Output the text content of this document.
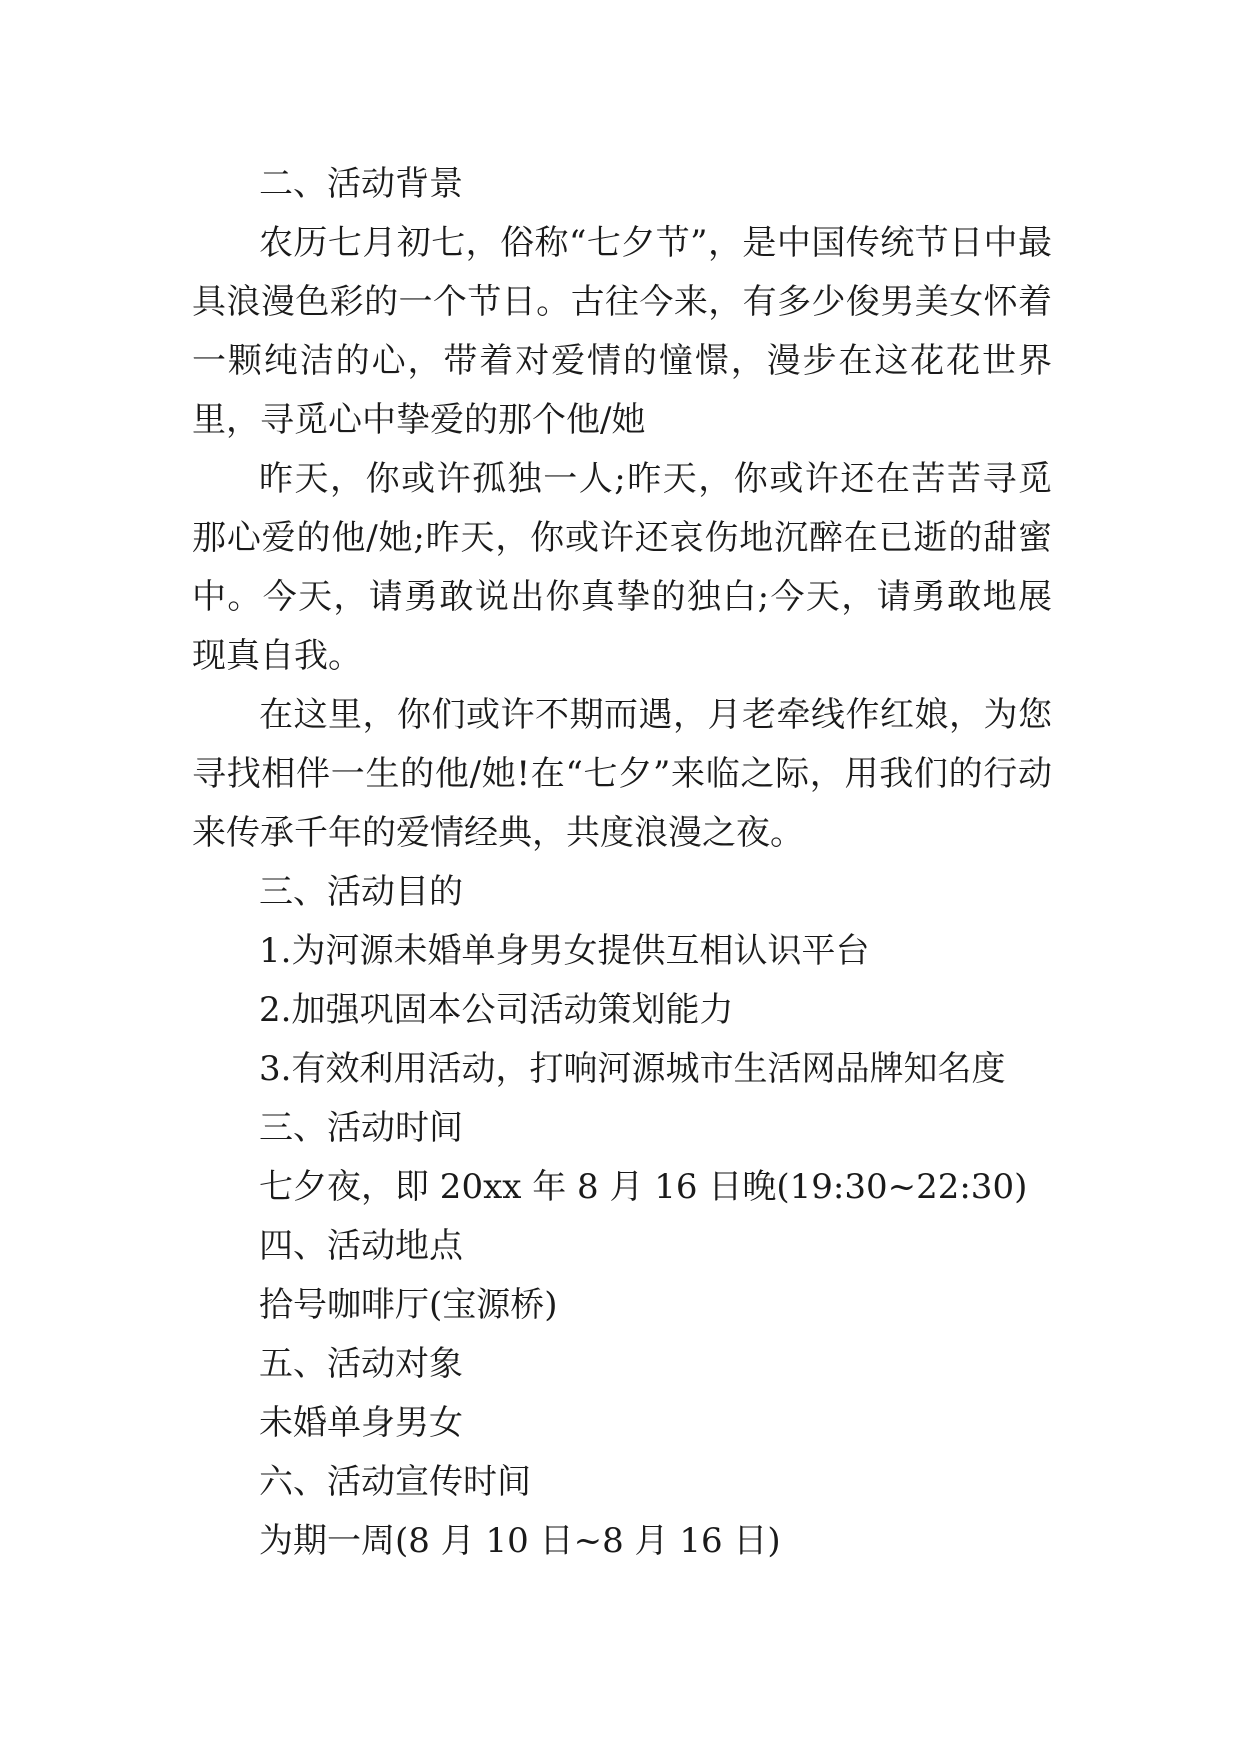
二、活动背景

农历七月初七，俗称“七夕节”，是中国传统节日中最具浪漫色彩的一个节日。古往今来，有多少俊男美女怀着一颗纯洁的心，带着对爱情的憧憬，漫步在这花花世界里，寻觅心中挚爱的那个他/她

昨天，你或许孤独一人;昨天，你或许还在苦苦寻觅那心爱的他/她;昨天，你或许还哀伤地沉醉在已逝的甜蜜中。今天，请勇敢说出你真挚的独白;今天，请勇敢地展现真自我。

在这里，你们或许不期而遇，月老牵线作红娘，为您寻找相伴一生的他/她!在“七夕”来临之际，用我们的行动来传承千年的爱情经典，共度浪漫之夜。

三、活动目的
1.为河源未婚单身男女提供互相认识平台
2.加强巩固本公司活动策划能力
3.有效利用活动，打响河源城市生活网品牌知名度
三、活动时间
七夕夜，即 20xx 年 8 月 16 日晚(19:30~22:30)
四、活动地点
拾号咖啡厅(宝源桥)
五、活动对象
未婚单身男女
六、活动宣传时间
为期一周(8 月 10 日~8 月 16 日)
